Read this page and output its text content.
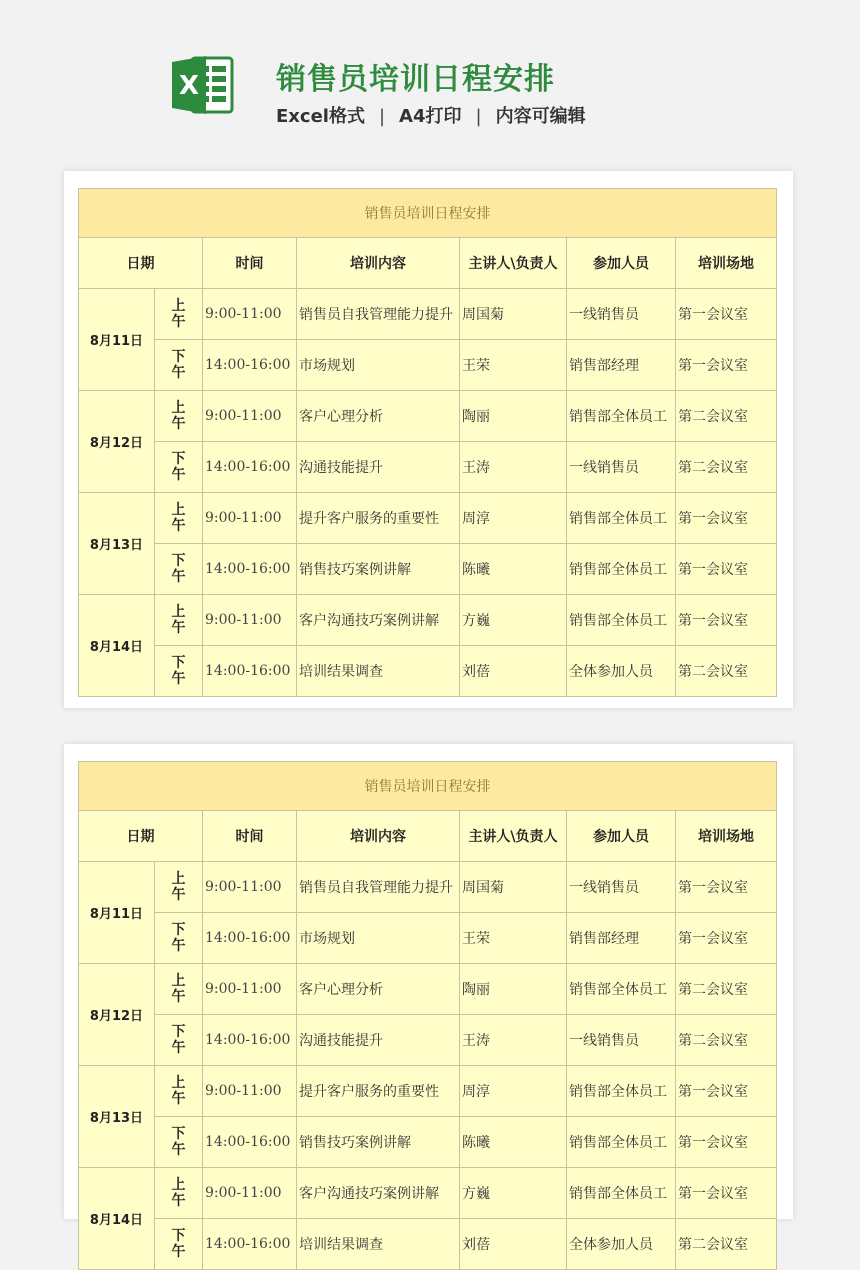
X	销售员培训日程安排
Excel格式 | A4打印 | 内容可编辑
销售员培训日程安排						
日期		时间	培训内容	主讲人\负责人	参加人员	培训场地
8月11日	上午	9:00-11:00	销售员自我管理能力提升	周国菊	一线销售员	第一会议室
	下午	14:00-16:00	市场规划	王荣	销售部经理	第一会议室
8月12日	上午	9:00-11:00	客户心理分析	陶丽	销售部全体员工	第二会议室
	下午	14:00-16:00	沟通技能提升	王涛	一线销售员	第二会议室
8月13日	上午	9:00-11:00	提升客户服务的重要性	周淳	销售部全体员工	第一会议室
	下午	14:00-16:00	销售技巧案例讲解	陈曦	销售部全体员工	第一会议室
8月14日	上午	9:00-11:00	客户沟通技巧案例讲解	方巍	销售部全体员工	第一会议室
	下午	14:00-16:00	培训结果调查	刘蓓	全体参加人员	第二会议室
销售员培训日程安排						
日期		时间	培训内容	主讲人\负责人	参加人员	培训场地
8月11日	上午	9:00-11:00	销售员自我管理能力提升	周国菊	一线销售员	第一会议室
	下午	14:00-16:00	市场规划	王荣	销售部经理	第一会议室
8月12日	上午	9:00-11:00	客户心理分析	陶丽	销售部全体员工	第二会议室
	下午	14:00-16:00	沟通技能提升	王涛	一线销售员	第二会议室
8月13日	上午	9:00-11:00	提升客户服务的重要性	周淳	销售部全体员工	第一会议室
	下午	14:00-16:00	销售技巧案例讲解	陈曦	销售部全体员工	第一会议室
8月14日	上午	9:00-11:00	客户沟通技巧案例讲解	方巍	销售部全体员工	第一会议室
	下午	14:00-16:00	培训结果调查	刘蓓	全体参加人员	第二会议室
